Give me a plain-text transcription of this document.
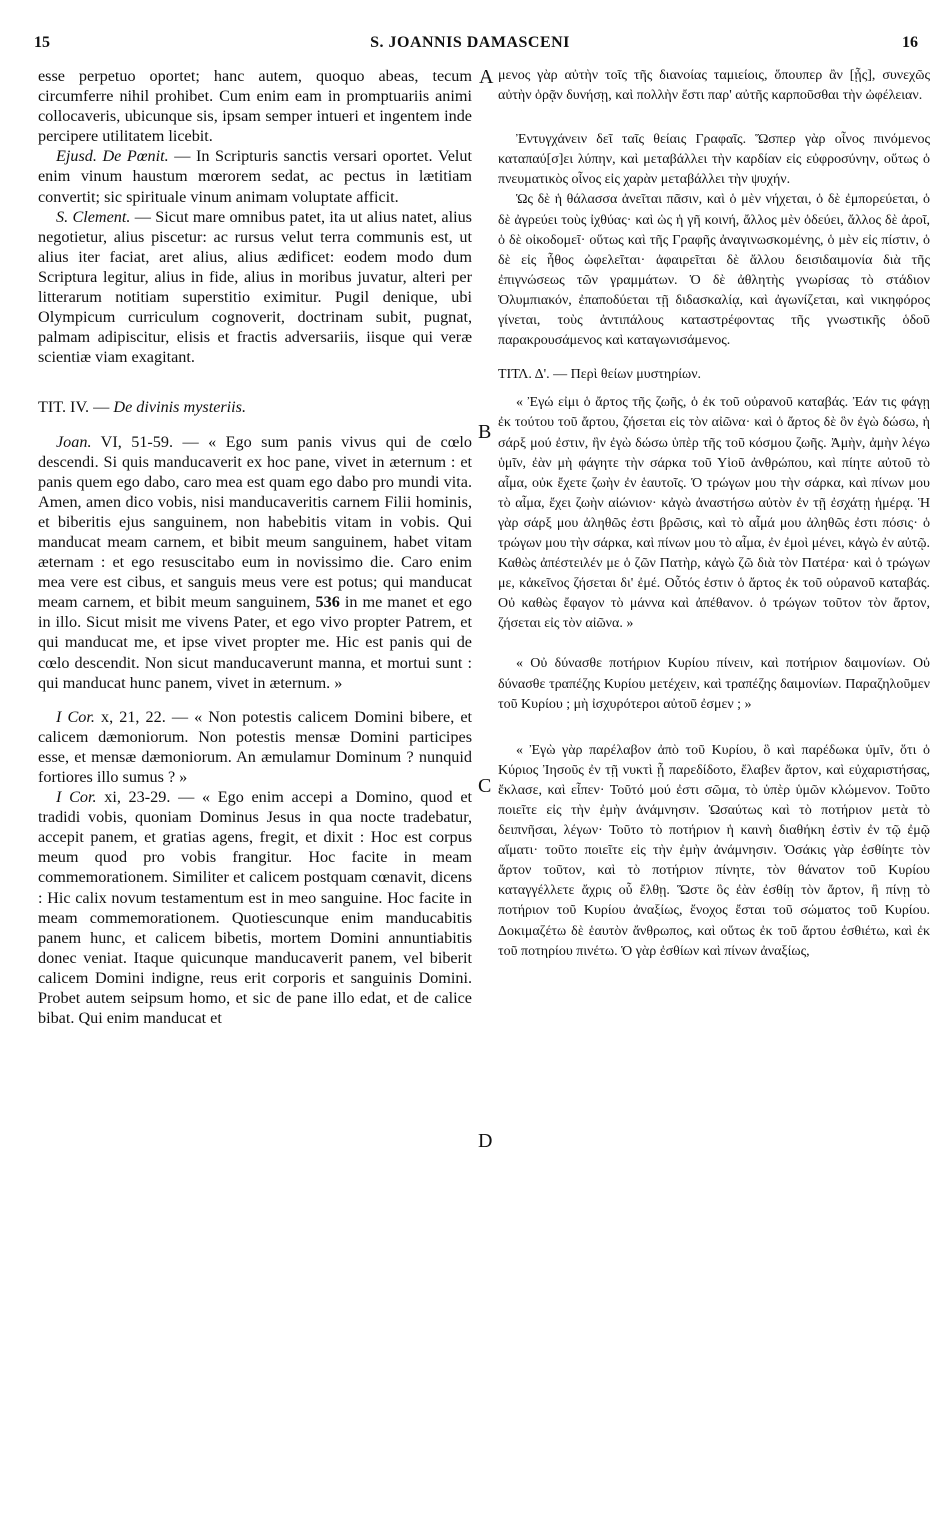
15	S. JOANNIS DAMASCENI	16
A
B
C
D

esse perpetuo oportet; hanc autem, quoquo abeas, tecum circumferre nihil prohibet. Cum enim eam in promptuariis animi collocaveris, ubicunque sis, ipsam semper intueri et ingentem inde percipere utilitatem licebit.

Ejusd. De Pœnit. — In Scripturis sanctis versari oportet. Velut enim vinum haustum mœrorem sedat, ac pectus in lætitiam convertit; sic spirituale vinum animam voluptate afficit.

S. Clement. — Sicut mare omnibus patet, ita ut alius natet, alius negotietur, alius piscetur: ac rursus velut terra communis est, ut alius iter faciat, aret alius, alius ædificet: eodem modo dum Scriptura legitur, alius in fide, alius in moribus juvatur, alteri per litterarum notitiam superstitio eximitur. Pugil denique, ubi Olympicum curriculum cognoverit, doctrinam subit, pugnat, palmam adipiscitur, elisis et fractis adversariis, iisque qui veræ scientiæ viam exagitant.

TIT. IV. — De divinis mysteriis.

Joan. VI, 51-59. — « Ego sum panis vivus qui de cœlo descendi. Si quis manducaverit ex hoc pane, vivet in æternum : et panis quem ego dabo, caro mea est quam ego dabo pro mundi vita. Amen, amen dico vobis, nisi manducaveritis carnem Filii hominis, et biberitis ejus sanguinem, non habebitis vitam in vobis. Qui manducat meam carnem, et bibit meum sanguinem, habet vitam æternam : et ego resuscitabo eum in novissimo die. Caro enim mea vere est cibus, et sanguis meus vere est potus; qui manducat meam carnem, et bibit meum sanguinem, 536 in me manet et ego in illo. Sicut misit me vivens Pater, et ego vivo propter Patrem, et qui manducat me, et ipse vivet propter me. Hic est panis qui de cœlo descendit. Non sicut manducaverunt manna, et mortui sunt : qui manducat hunc panem, vivet in æternum. »

I Cor. x, 21, 22. — « Non potestis calicem Domini bibere, et calicem dæmoniorum. Non potestis mensæ Domini participes esse, et mensæ dæmoniorum. An æmulamur Dominum ? nunquid fortiores illo sumus ? »

I Cor. xi, 23-29. — « Ego enim accepi a Domino, quod et tradidi vobis, quoniam Dominus Jesus in qua nocte tradebatur, accepit panem, et gratias agens, fregit, et dixit : Hoc est corpus meum quod pro vobis frangitur. Hoc facite in meam commemorationem. Similiter et calicem postquam cœnavit, dicens : Hic calix novum testamentum est in meo sanguine. Hoc facite in meam commemorationem. Quotiescunque enim manducabitis panem hunc, et calicem bibetis, mortem Domini annuntiabitis donec veniat. Itaque quicunque manducaverit panem, vel biberit calicem Domini indigne, reus erit corporis et sanguinis Domini. Probet autem seipsum homo, et sic de pane illo edat, et de calice bibat. Qui enim manducat et

μενος γὰρ αὐτὴν τοῖς τῆς διανοίας ταμιείοις, ὅπουπερ ἂν [ᾖς], συνεχῶς αὐτὴν ὁρᾷν δυνήσῃ, καὶ πολλὴν ἔστι παρ' αὐτῆς καρποῦσθαι τὴν ὠφέλειαν.

Ἐντυγχάνειν δεῖ ταῖς θείαις Γραφαῖς. Ὥσπερ γὰρ οἶνος πινόμενος καταπαύ[σ]ει λύπην, καὶ μεταβάλλει τὴν καρδίαν εἰς εὐφροσύνην, οὕτως ὁ πνευματικὸς οἶνος εἰς χαρὰν μεταβάλλει τὴν ψυχήν.

Ὡς δὲ ἡ θάλασσα ἀνεῖται πᾶσιν, καὶ ὁ μὲν νήχεται, ὁ δὲ ἐμπορεύεται, ὁ δὲ ἀγρεύει τοὺς ἰχθύας· καὶ ὡς ἡ γῆ κοινή, ἄλλος μὲν ὁδεύει, ἄλλος δὲ ἀροῖ, ὁ δὲ οἰκοδομεῖ· οὕτως καὶ τῆς Γραφῆς ἀναγινωσκομένης, ὁ μὲν εἰς πίστιν, ὁ δὲ εἰς ἦθος ὠφελεῖται· ἀφαιρεῖται δὲ ἄλλου δεισιδαιμονία διὰ τῆς ἐπιγνώσεως τῶν γραμμάτων. Ὁ δὲ ἀθλητὴς γνωρίσας τὸ στάδιον Ὀλυμπιακόν, ἐπαποδύεται τῇ διδασκαλίᾳ, καὶ ἀγωνίζεται, καὶ νικηφόρος γίνεται, τοὺς ἀντιπάλους καταστρέφοντας τῆς γνωστικῆς ὁδοῦ παρακρουσάμενος καὶ καταγωνισάμενος.

ΤΙΤΛ. Δ'. — Περὶ θείων μυστηρίων.

« Ἐγώ εἰμι ὁ ἄρτος τῆς ζωῆς, ὁ ἐκ τοῦ οὐρανοῦ καταβάς. Ἐάν τις φάγῃ ἐκ τούτου τοῦ ἄρτου, ζήσεται εἰς τὸν αἰῶνα· καὶ ὁ ἄρτος δὲ ὃν ἐγὼ δώσω, ἡ σάρξ μού ἐστιν, ἣν ἐγὼ δώσω ὑπὲρ τῆς τοῦ κόσμου ζωῆς. Ἀμὴν, ἀμὴν λέγω ὑμῖν, ἐὰν μὴ φάγητε τὴν σάρκα τοῦ Υἱοῦ ἀνθρώπου, καὶ πίητε αὐτοῦ τὸ αἷμα, οὐκ ἔχετε ζωὴν ἐν ἑαυτοῖς. Ὁ τρώγων μου τὴν σάρκα, καὶ πίνων μου τὸ αἷμα, ἔχει ζωὴν αἰώνιον· κἀγὼ ἀναστήσω αὐτὸν ἐν τῇ ἐσχάτῃ ἡμέρᾳ. Ἡ γὰρ σάρξ μου ἀληθῶς ἐστι βρῶσις, καὶ τὸ αἷμά μου ἀληθῶς ἐστι πόσις· ὁ τρώγων μου τὴν σάρκα, καὶ πίνων μου τὸ αἷμα, ἐν ἐμοὶ μένει, κἀγὼ ἐν αὐτῷ. Καθὼς ἀπέστειλέν με ὁ ζῶν Πατὴρ, κἀγὼ ζῶ διὰ τὸν Πατέρα· καὶ ὁ τρώγων με, κἀκεῖνος ζήσεται δι' ἐμέ. Οὗτός ἐστιν ὁ ἄρτος ἐκ τοῦ οὐρανοῦ καταβάς. Οὐ καθὼς ἔφαγον τὸ μάννα καὶ ἀπέθανον. ὁ τρώγων τοῦτον τὸν ἄρτον, ζήσεται εἰς τὸν αἰῶνα. »

« Οὐ δύνασθε ποτήριον Κυρίου πίνειν, καὶ ποτήριον δαιμονίων. Οὐ δύνασθε τραπέζης Κυρίου μετέχειν, καὶ τραπέζης δαιμονίων. Παραζηλοῦμεν τοῦ Κυρίου ; μὴ ἰσχυρότεροι αὐτοῦ ἐσμεν ; »

« Ἐγὼ γὰρ παρέλαβον ἀπὸ τοῦ Κυρίου, ὃ καὶ παρέδωκα ὑμῖν, ὅτι ὁ Κύριος Ἰησοῦς ἐν τῇ νυκτὶ ᾗ παρεδίδοτο, ἔλαβεν ἄρτον, καὶ εὐχαριστήσας, ἔκλασε, καὶ εἶπεν· Τοῦτό μού ἐστι σῶμα, τὸ ὑπὲρ ὑμῶν κλώμενον. Τοῦτο ποιεῖτε εἰς τὴν ἐμὴν ἀνάμνησιν. Ὡσαύτως καὶ τὸ ποτήριον μετὰ τὸ δειπνῆσαι, λέγων· Τοῦτο τὸ ποτήριον ἡ καινὴ διαθήκη ἐστὶν ἐν τῷ ἐμῷ αἵματι· τοῦτο ποιεῖτε εἰς τὴν ἐμὴν ἀνάμνησιν. Ὁσάκις γὰρ ἐσθίητε τὸν ἄρτον τοῦτον, καὶ τὸ ποτήριον πίνητε, τὸν θάνατον τοῦ Κυρίου καταγγέλλετε ἄχρις οὗ ἔλθῃ. Ὥστε ὃς ἐὰν ἐσθίῃ τὸν ἄρτον, ἢ πίνῃ τὸ ποτήριον τοῦ Κυρίου ἀναξίως, ἔνοχος ἔσται τοῦ σώματος τοῦ Κυρίου. Δοκιμαζέτω δὲ ἑαυτὸν ἄνθρωπος, καὶ οὕτως ἐκ τοῦ ἄρτου ἐσθιέτω, καὶ ἐκ τοῦ ποτηρίου πινέτω. Ὁ γὰρ ἐσθίων καὶ πίνων ἀναξίως,
